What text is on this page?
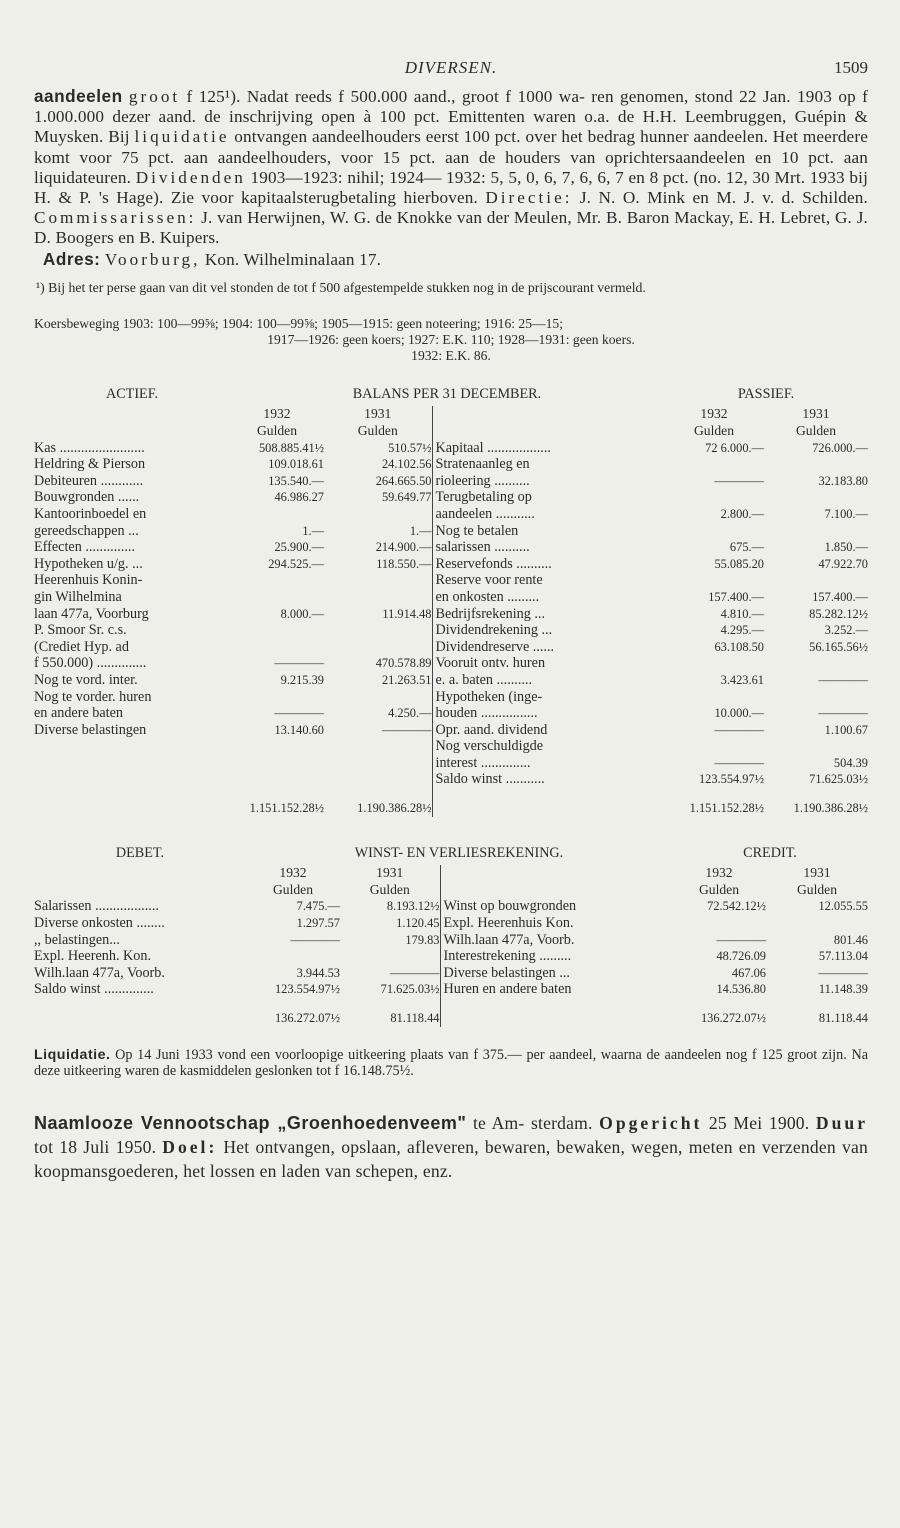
DIVERSEN.	1509

aandeelen groot f 125¹). Nadat reeds f 500.000 aand., groot f 1000 wa- ren genomen, stond 22 Jan. 1903 op f 1.000.000 dezer aand. de inschrijving open à 100 pct. Emittenten waren o.a. de H.H. Leembruggen, Guépin & Muysken. Bij liquidatie ontvangen aandeelhouders eerst 100 pct. over het bedrag hunner aandeelen. Het meerdere komt voor 75 pct. aan aandeelhouders, voor 15 pct. aan de houders van oprichtersaandeelen en 10 pct. aan liquidateuren. Dividenden 1903—1923: nihil; 1924— 1932: 5, 5, 0, 6, 7, 6, 6, 7 en 8 pct. (no. 12, 30 Mrt. 1933 bij H. & P. 's Hage). Zie voor kapitaalsterugbetaling hierboven. Directie: J. N. O. Mink en M. J. v. d. Schilden. Commissarissen: J. van Herwijnen, W. G. de Knokke van der Meulen, Mr. B. Baron Mackay, E. H. Lebret, G. J. D. Boogers en B. Kuipers.
Adres: Voorburg, Kon. Wilhelminalaan 17.

¹) Bij het ter perse gaan van dit vel stonden de tot f 500 afgestempelde stukken nog in de prijscourant vermeld.

Koersbeweging 1903: 100—99⅝; 1904: 100—99⅝; 1905—1915: geen noteering; 1916: 25—15;
1917—1926: geen koers; 1927: E.K. 110; 1928—1931: geen koers.
1932: E.K. 86.
ACTIEF.	BALANS PER 31 DECEMBER.			PASSIEF.	
	1932	1931		1932	1931
	Gulden	Gulden		Gulden	Gulden
Kas ........................	508.885.41½	510.57½	Kapitaal ..................	72 6.000.—	726.000.—
Heldring & Pierson	109.018.61	24.102.56	Stratenaanleg en		
Debiteuren ............	135.540.—	264.665.50	rioleering ..........	————	32.183.80
Bouwgronden ......	46.986.27	59.649.77	Terugbetaling op		
Kantoorinboedel en			aandeelen ...........	2.800.—	7.100.—
gereedschappen ...	1.—	1.—	Nog te betalen		
Effecten ..............	25.900.—	214.900.—	salarissen ..........	675.—	1.850.—
Hypotheken u/g. ...	294.525.—	118.550.—	Reservefonds ..........	55.085.20	47.922.70
Heerenhuis Konin-			Reserve voor rente		
gin Wilhelmina			en onkosten .........	157.400.—	157.400.—
laan 477a, Voorburg	8.000.—	11.914.48	Bedrijfsrekening ...	4.810.—	85.282.12½
P. Smoor Sr. c.s.			Dividendrekening ...	4.295.—	3.252.—
(Crediet Hyp. ad			Dividendreserve ......	63.108.50	56.165.56½
f 550.000) ..............	————	470.578.89	Vooruit ontv. huren		
Nog te vord. inter.	9.215.39	21.263.51	e. a. baten ..........	3.423.61	————
Nog te vorder. huren			Hypotheken (inge-		
en andere baten	————	4.250.—	houden ................	10.000.—	————
Diverse belastingen	13.140.60	————	Opr. aand. dividend	————	1.100.67
			Nog verschuldigde		
			interest ..............	————	504.39
			Saldo winst ...........	123.554.97½	71.625.03½
	1.151.152.28½	1.190.386.28½		1.151.152.28½	1.190.386.28½
DEBET.	WINST- EN VERLIESREKENING.			CREDIT.	
	1932	1931		1932	1931
	Gulden	Gulden		Gulden	Gulden
Salarissen ..................	7.475.—	8.193.12½	Winst op bouwgronden	72.542.12½	12.055.55
Diverse onkosten ........	1.297.57	1.120.45	Expl. Heerenhuis Kon.		
,, belastingen...	————	179.83	Wilh.laan 477a, Voorb.	————	801.46
Expl. Heerenh. Kon.			Interestrekening .........	48.726.09	57.113.04
Wilh.laan 477a, Voorb.	3.944.53	————	Diverse belastingen ...	467.06	————
Saldo winst ..............	123.554.97½	71.625.03½	Huren en andere baten	14.536.80	11.148.39
	136.272.07½	81.118.44		136.272.07½	81.118.44

Liquidatie. Op 14 Juni 1933 vond een voorloopige uitkeering plaats van f 375.— per aandeel, waarna de aandeelen nog f 125 groot zijn. Na deze uitkeering waren de kasmiddelen geslonken tot f 16.148.75½.

Naamlooze Vennootschap „Groenhoedenveem" te Am- sterdam. Opgericht 25 Mei 1900. Duur tot 18 Juli 1950. Doel: Het ontvangen, opslaan, afleveren, bewaren, bewaken, wegen, meten en verzenden van koopmansgoederen, het lossen en laden van schepen, enz.
